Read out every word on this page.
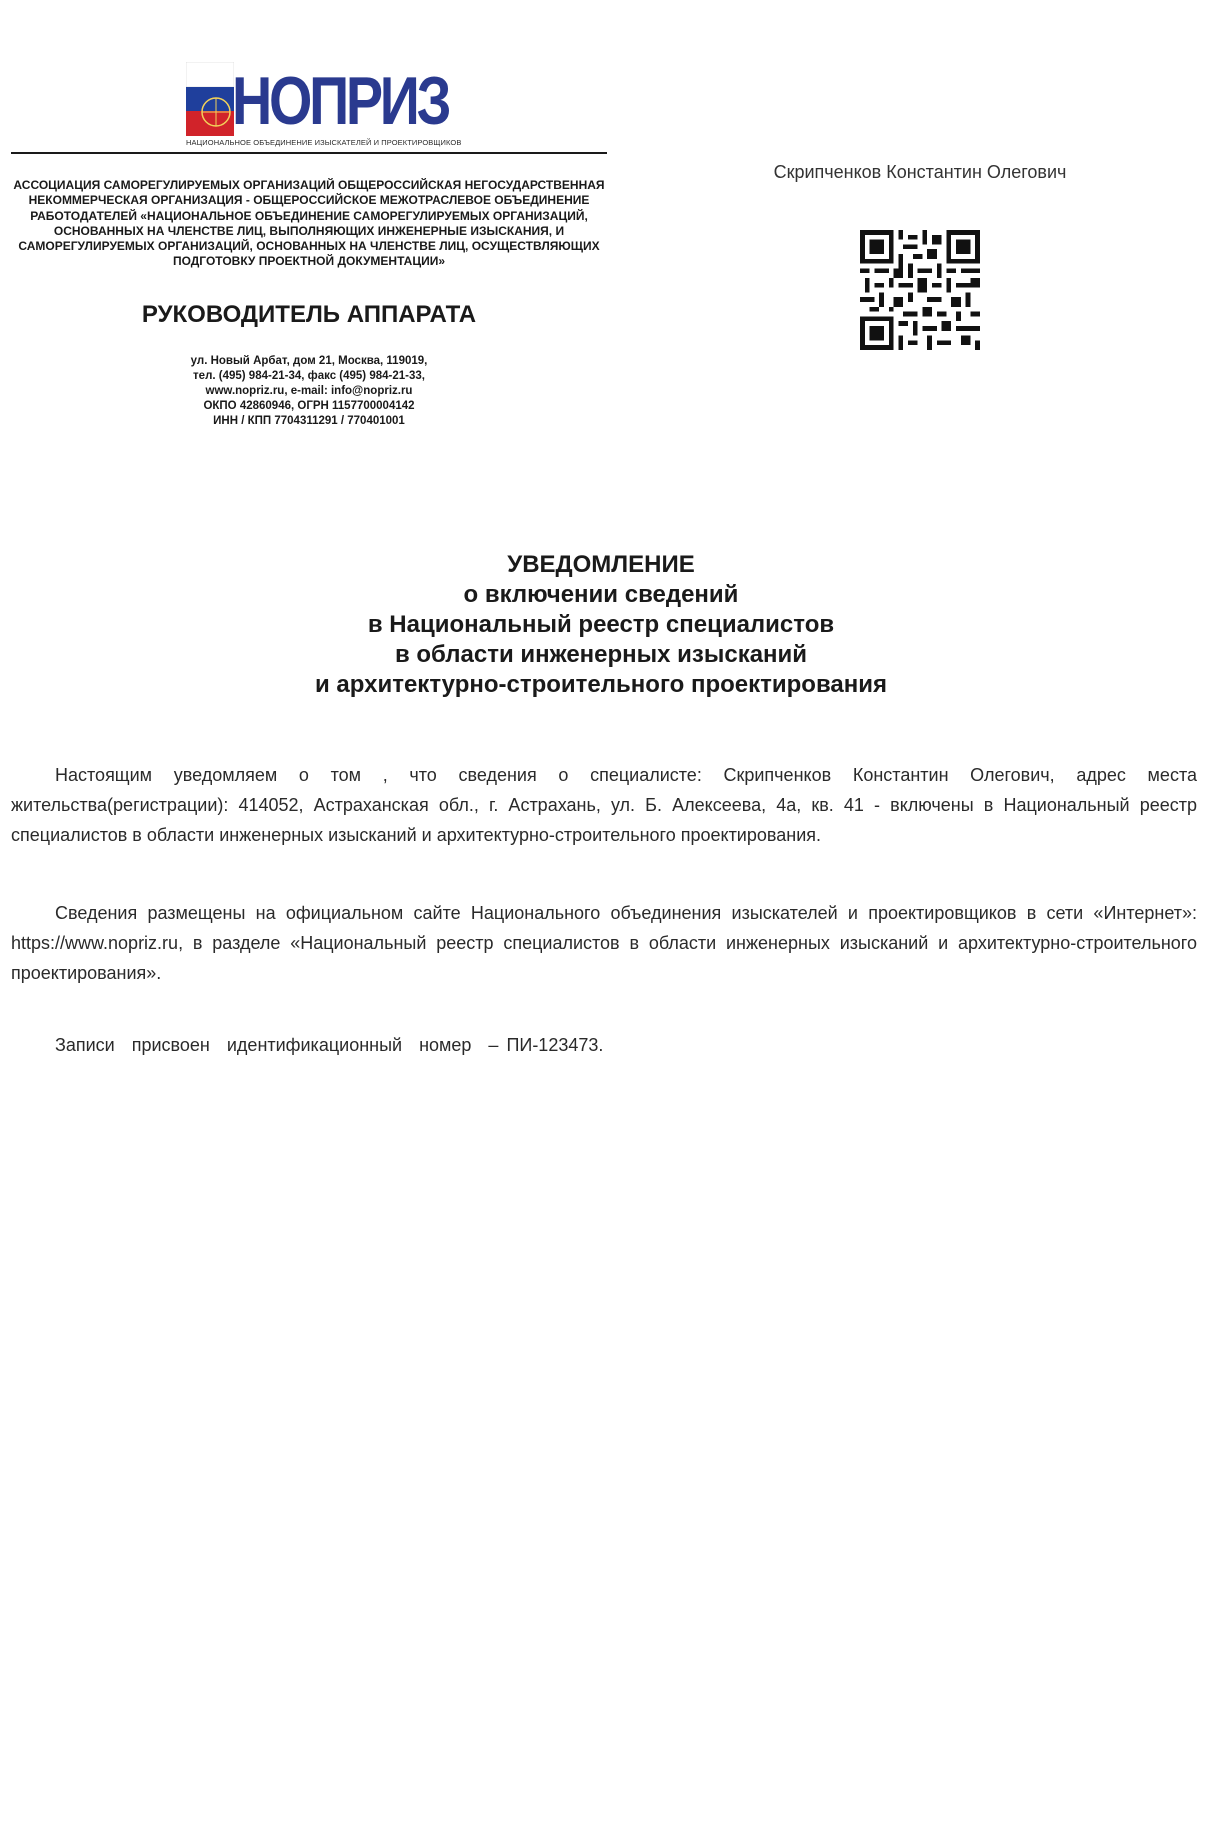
НОПРИЗ
НАЦИОНАЛЬНОЕ ОБЪЕДИНЕНИЕ ИЗЫСКАТЕЛЕЙ И ПРОЕКТИРОВЩИКОВ
АССОЦИАЦИЯ САМОРЕГУЛИРУЕМЫХ ОРГАНИЗАЦИЙ ОБЩЕРОССИЙСКАЯ НЕГОСУДАРСТВЕННАЯ НЕКОММЕРЧЕСКАЯ ОРГАНИЗАЦИЯ - ОБЩЕРОССИЙСКОЕ МЕЖОТРАСЛЕВОЕ ОБЪЕДИНЕНИЕ РАБОТОДАТЕЛЕЙ «НАЦИОНАЛЬНОЕ ОБЪЕДИНЕНИЕ САМОРЕГУЛИРУЕМЫХ ОРГАНИЗАЦИЙ, ОСНОВАННЫХ НА ЧЛЕНСТВЕ ЛИЦ, ВЫПОЛНЯЮЩИХ ИНЖЕНЕРНЫЕ ИЗЫСКАНИЯ, И САМОРЕГУЛИРУЕМЫХ ОРГАНИЗАЦИЙ, ОСНОВАННЫХ НА ЧЛЕНСТВЕ ЛИЦ, ОСУЩЕСТВЛЯЮЩИХ ПОДГОТОВКУ ПРОЕКТНОЙ ДОКУМЕНТАЦИИ»
РУКОВОДИТЕЛЬ АППАРАТА
ул. Новый Арбат, дом 21, Москва, 119019,
тел. (495) 984-21-34, факс (495) 984-21-33,
www.nopriz.ru, e-mail: info@nopriz.ru
ОКПО 42860946, ОГРН 1157700004142
ИНН / КПП 7704311291 / 770401001
Скрипченков Константин Олегович
УВЕДОМЛЕНИЕ
о включении сведений
в Национальный реестр специалистов
в области инженерных изысканий
и архитектурно-строительного проектирования

Настоящим уведомляем о том , что сведения о специалисте: Скрипченков Константин Олегович, адрес места жительства(регистрации): 414052, Астраханская обл., г. Астрахань, ул. Б. Алексеева, 4а, кв. 41 - включены в Национальный реестр специалистов в области инженерных изысканий и архитектурно-строительного проектирования.

Сведения размещены на официальном сайте Национального объединения изыскателей и проектировщиков в сети «Интернет»: https://www.nopriz.ru, в разделе «Национальный реестр специалистов в области инженерных изысканий и архитектурно-строительного проектирования».

Записи присвоен идентификационный номер – ПИ-123473.
